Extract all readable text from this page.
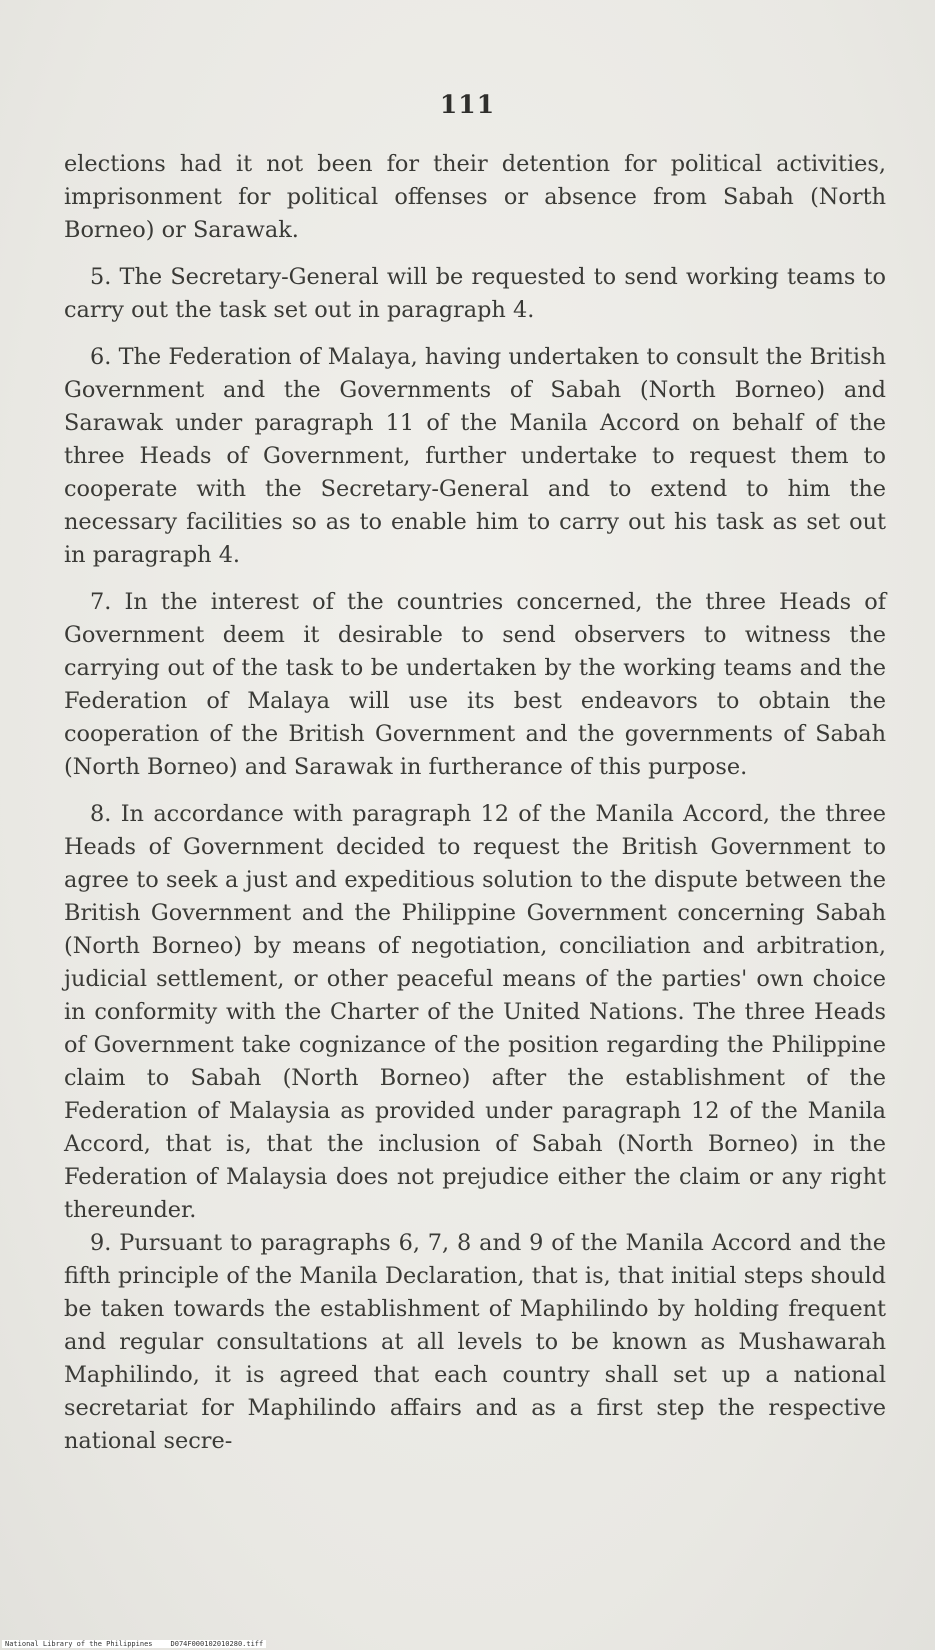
111

elections had it not been for their detention for political activities, imprisonment for political offenses or absence from Sabah (North Borneo) or Sarawak.

5. The Secretary-General will be requested to send working teams to carry out the task set out in paragraph 4.

6. The Federation of Malaya, having undertaken to consult the British Government and the Governments of Sabah (North Borneo) and Sarawak under paragraph 11 of the Manila Accord on behalf of the three Heads of Government, further undertake to request them to cooperate with the Secretary-General and to extend to him the necessary facilities so as to enable him to carry out his task as set out in paragraph 4.

7. In the interest of the countries concerned, the three Heads of Government deem it desirable to send observers to witness the carrying out of the task to be undertaken by the working teams and the Federation of Malaya will use its best endeavors to obtain the cooperation of the British Government and the governments of Sabah (North Borneo) and Sarawak in furtherance of this purpose.

8. In accordance with paragraph 12 of the Manila Accord, the three Heads of Government decided to request the British Government to agree to seek a just and expeditious solution to the dispute between the British Government and the Philippine Government concerning Sabah (North Borneo) by means of negotiation, conciliation and arbitration, judicial settlement, or other peaceful means of the parties' own choice in conformity with the Charter of the United Nations. The three Heads of Government take cognizance of the position regarding the Philippine claim to Sabah (North Borneo) after the establishment of the Federation of Malaysia as provided under paragraph 12 of the Manila Accord, that is, that the inclusion of Sabah (North Borneo) in the Federation of Malaysia does not prejudice either the claim or any right thereunder.

9. Pursuant to paragraphs 6, 7, 8 and 9 of the Manila Accord and the fifth principle of the Manila Declaration, that is, that initial steps should be taken towards the establishment of Maphilindo by holding frequent and regular consultations at all levels to be known as Mushawarah Maphilindo, it is agreed that each country shall set up a national secretariat for Maphilindo affairs and as a first step the respective national secre-

National Library of the Philippines	D074F000102010280.tiff
